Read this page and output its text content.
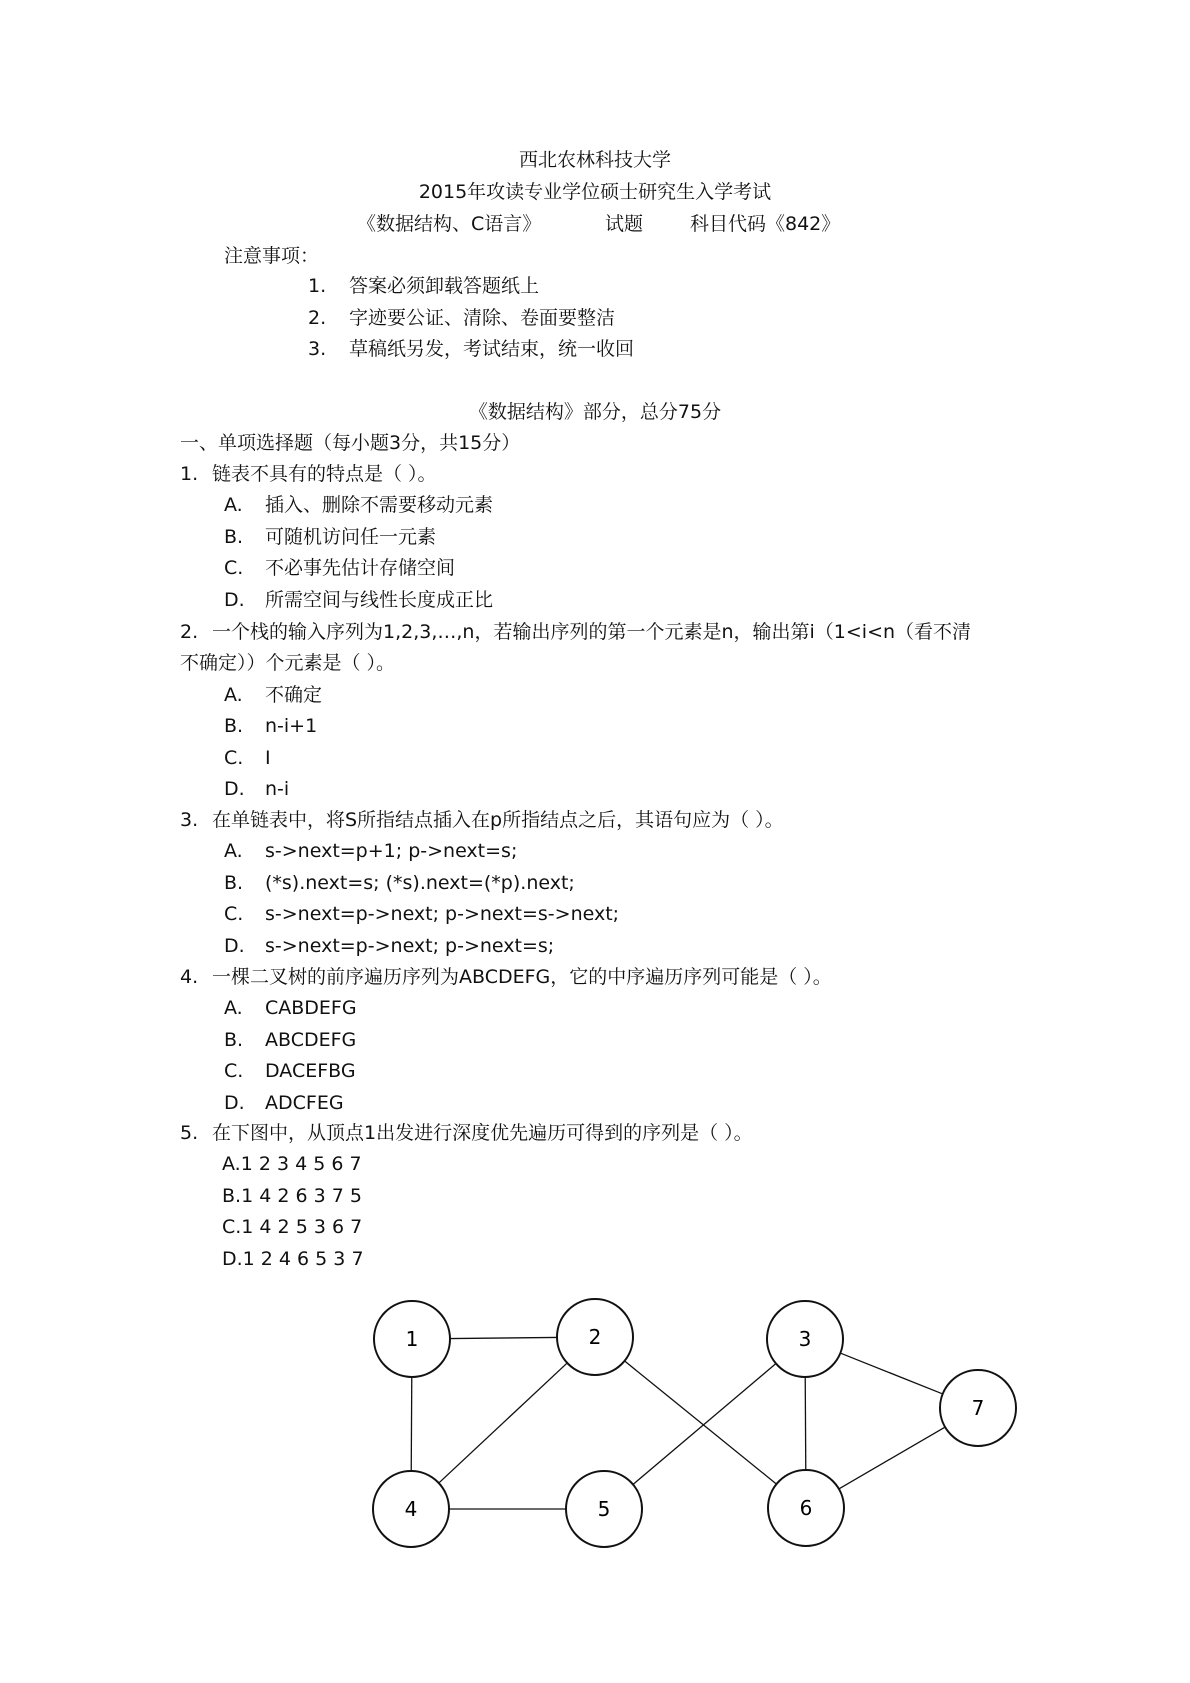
西北农林科技大学
2015年攻读专业学位硕士研究生入学考试
《数据结构、C语言》	试题 科目代码《842》
注意事项：
1. 答案必须卸载答题纸上
2. 字迹要公证、清除、卷面要整洁
3. 草稿纸另发，考试结束，统一收回
《数据结构》部分，总分75分
一、单项选择题（每小题3分，共15分）
1. 链表不具有的特点是（ ）。
A. 插入、删除不需要移动元素
B. 可随机访问任一元素
C. 不必事先估计存储空间
D. 所需空间与线性长度成正比
2. 一个栈的输入序列为1,2,3,…,n，若输出序列的第一个元素是n，输出第i（1<i<n（看不清
不确定））个元素是（ ）。
A. 不确定
B. n-i+1
C. I
D. n-i
3. 在单链表中，将S所指结点插入在p所指结点之后，其语句应为（ ）。
A. s->next=p+1; p->next=s;
B. (*s).next=s; (*s).next=(*p).next;
C. s->next=p->next; p->next=s->next;
D. s->next=p->next; p->next=s;
4. 一棵二叉树的前序遍历序列为ABCDEFG，它的中序遍历序列可能是（ ）。
A. CABDEFG
B. ABCDEFG
C. DACEFBG
D. ADCFEG
5. 在下图中，从顶点1出发进行深度优先遍历可得到的序列是（ ）。
A.1 2 3 4 5 6 7
B.1 4 2 6 3 7 5
C.1 4 2 5 3 6 7
D.1 2 4 6 5 3 7
1	2	3
4	5	6
7
